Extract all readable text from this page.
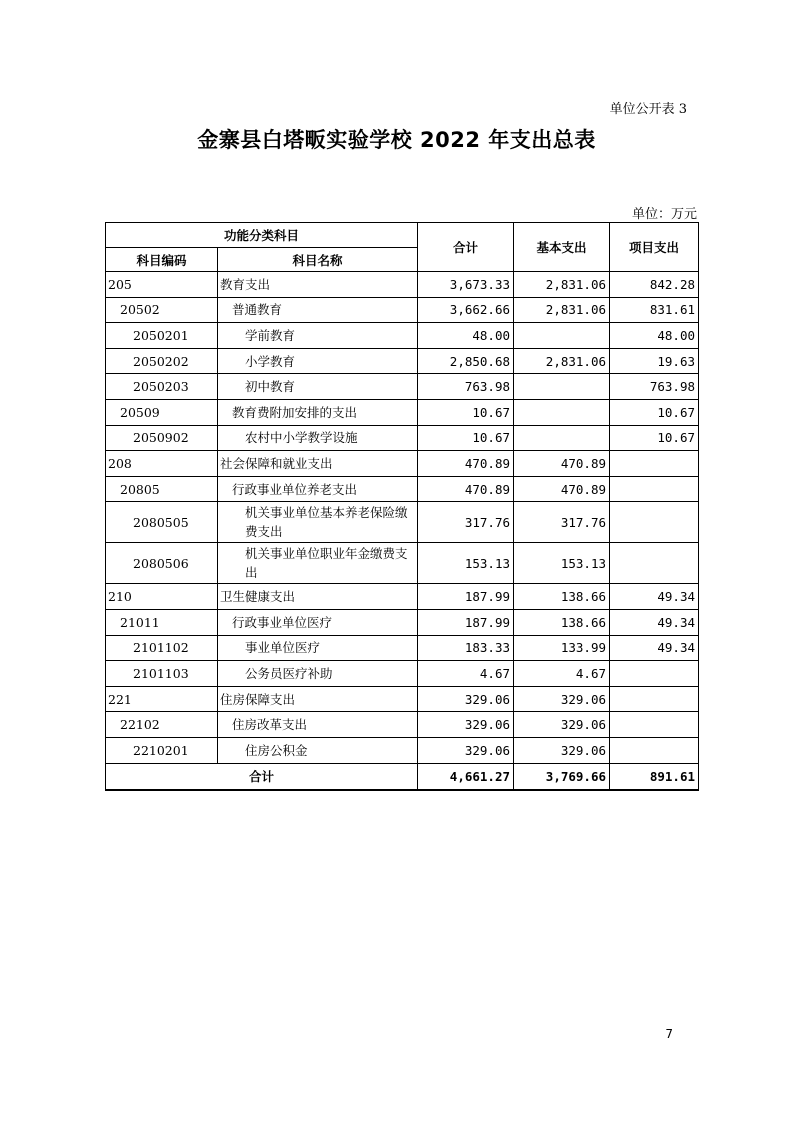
单位公开表 3
金寨县白塔畈实验学校 2022 年支出总表
单位：万元
功能分类科目		合计	基本支出	项目支出
科目编码	科目名称			
205	教育支出	3,673.33	2,831.06	842.28
20502	普通教育	3,662.66	2,831.06	831.61
2050201	学前教育	48.00		48.00
2050202	小学教育	2,850.68	2,831.06	19.63
2050203	初中教育	763.98		763.98
20509	教育费附加安排的支出	10.67		10.67
2050902	农村中小学教学设施	10.67		10.67
208	社会保障和就业支出	470.89	470.89	
20805	行政事业单位养老支出	470.89	470.89	
2080505	机关事业单位基本养老保险缴费支出	317.76	317.76	
2080506	机关事业单位职业年金缴费支出	153.13	153.13	
210	卫生健康支出	187.99	138.66	49.34
21011	行政事业单位医疗	187.99	138.66	49.34
2101102	事业单位医疗	183.33	133.99	49.34
2101103	公务员医疗补助	4.67	4.67	
221	住房保障支出	329.06	329.06	
22102	住房改革支出	329.06	329.06	
2210201	住房公积金	329.06	329.06	
合计		4,661.27	3,769.66	891.61
7
